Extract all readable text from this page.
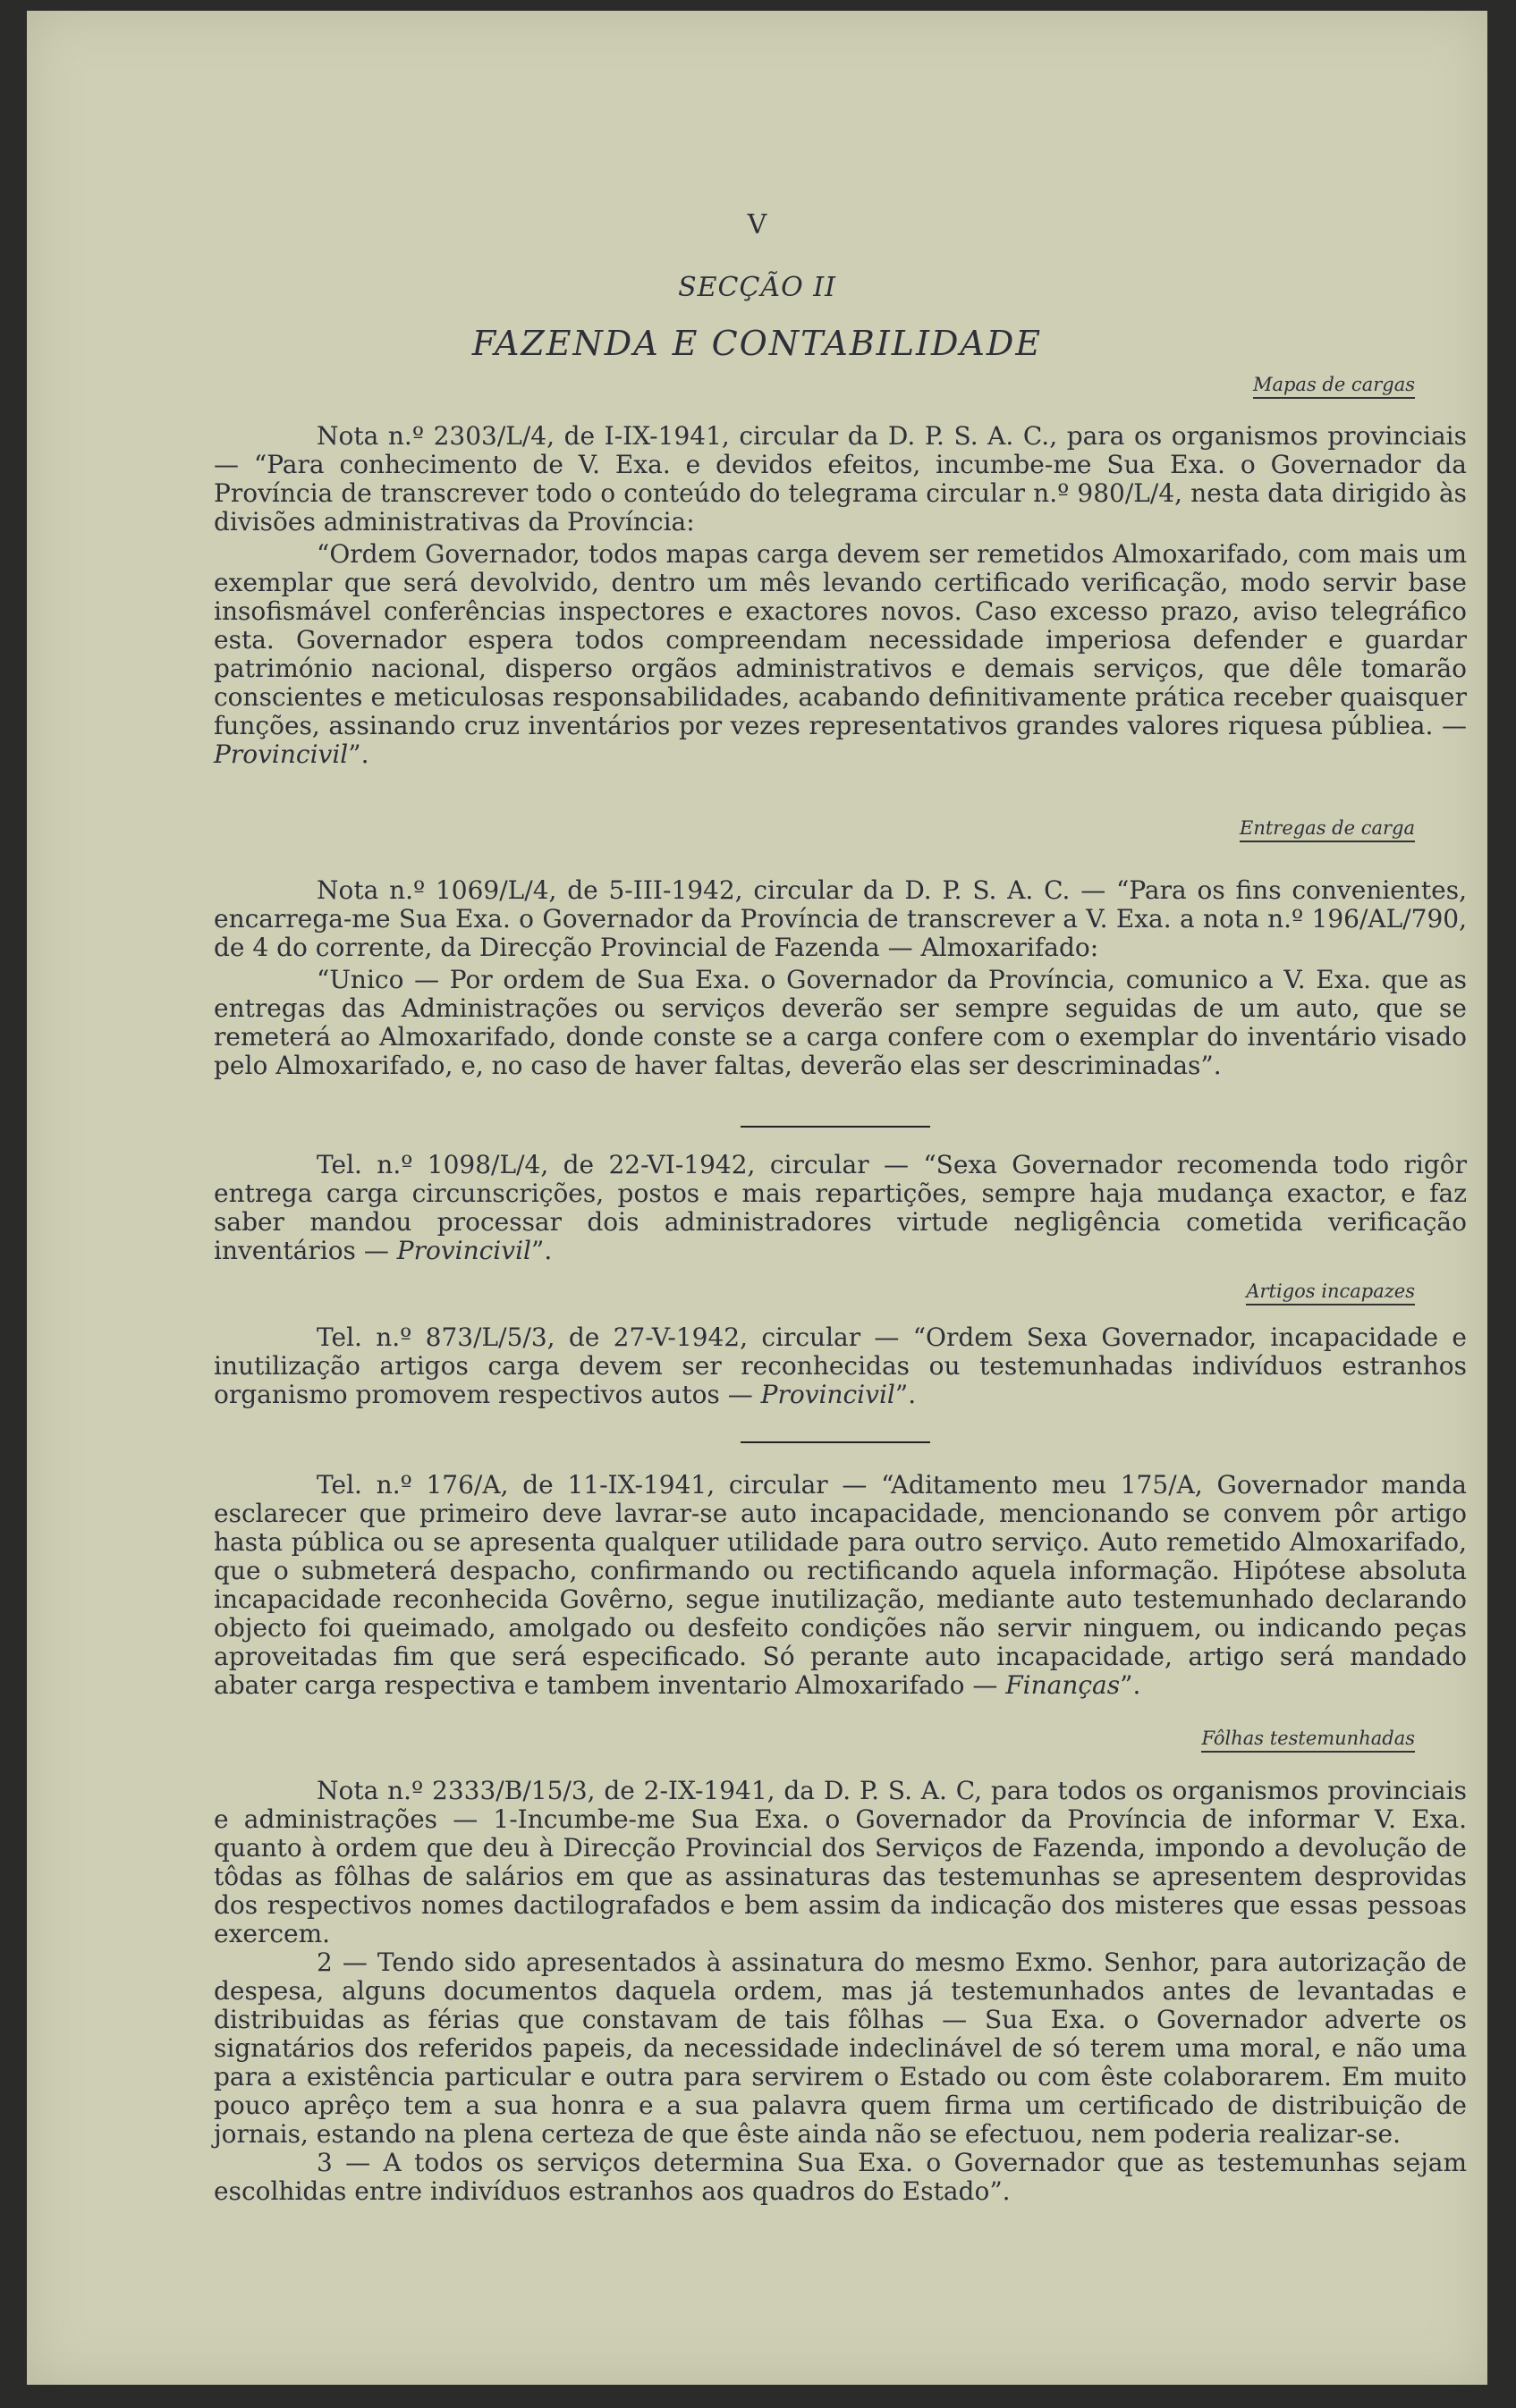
V
SECÇÃO II
FAZENDA E CONTABILIDADE
Mapas de cargas

Nota n.º 2303/L/4, de I-IX-1941, circular da D. P. S. A. C., para os organismos provinciais — “Para conhecimento de V. Exa. e devidos efeitos, incumbe-me Sua Exa. o Governador da Província de transcrever todo o conteúdo do telegrama circular n.º 980/L/4, nesta data dirigido às divisões administrativas da Província:

“Ordem Governador, todos mapas carga devem ser remetidos Almoxarifado, com mais um exemplar que será devolvido, dentro um mês levando certificado verificação, modo servir base insofismável conferências inspectores e exactores novos. Caso excesso prazo, aviso telegráfico esta. Governador espera todos compreendam necessidade imperiosa defender e guardar património nacional, disperso orgãos administrativos e demais serviços, que dêle tomarão conscientes e meticulosas responsabilidades, acabando definitivamente prática receber quaisquer funções, assinando cruz inventários por vezes representativos grandes valores riquesa públiea. — Provincivil”.

Entregas de carga

Nota n.º 1069/L/4, de 5-III-1942, circular da D. P. S. A. C. — “Para os fins convenientes, encarrega-me Sua Exa. o Governador da Província de transcrever a V. Exa. a nota n.º 196/AL/790, de 4 do corrente, da Direcção Provincial de Fazenda — Almoxarifado:

“Unico — Por ordem de Sua Exa. o Governador da Província, comunico a V. Exa. que as entregas das Administrações ou serviços deverão ser sempre seguidas de um auto, que se remeterá ao Almoxarifado, donde conste se a carga confere com o exemplar do inventário visado pelo Almoxarifado, e, no caso de haver faltas, deverão elas ser descriminadas”.

Tel. n.º 1098/L/4, de 22-VI-1942, circular — “Sexa Governador recomenda todo rigôr entrega carga circunscrições, postos e mais repartições, sempre haja mudança exactor, e faz saber mandou processar dois administradores virtude negligência cometida verificação inventários — Provincivil”.

Artigos incapazes

Tel. n.º 873/L/5/3, de 27-V-1942, circular — “Ordem Sexa Governador, incapacidade e inutilização artigos carga devem ser reconhecidas ou testemunhadas indivíduos estranhos organismo promovem respectivos autos — Provincivil”.

Tel. n.º 176/A, de 11-IX-1941, circular — “Aditamento meu 175/A, Governador manda esclarecer que primeiro deve lavrar-se auto incapacidade, mencionando se convem pôr artigo hasta pública ou se apresenta qualquer utilidade para outro serviço. Auto remetido Almoxarifado, que o submeterá despacho, confirmando ou rectificando aquela informação. Hipótese absoluta incapacidade reconhecida Govêrno, segue inutilização, mediante auto testemunhado declarando objecto foi queimado, amolgado ou desfeito condições não servir ninguem, ou indicando peças aproveitadas fim que será especificado. Só perante auto incapacidade, artigo será mandado abater carga respectiva e tambem inventario Almoxarifado — Finanças”.

Fôlhas testemunhadas

Nota n.º 2333/B/15/3, de 2-IX-1941, da D. P. S. A. C, para todos os organismos provinciais e administrações — 1-Incumbe-me Sua Exa. o Governador da Província de informar V. Exa. quanto à ordem que deu à Direcção Provincial dos Serviços de Fazenda, impondo a devolução de tôdas as fôlhas de salários em que as assinaturas das testemunhas se apresentem desprovidas dos respectivos nomes dactilografados e bem assim da indicação dos misteres que essas pessoas exercem.

2 — Tendo sido apresentados à assinatura do mesmo Exmo. Senhor, para autorização de despesa, alguns documentos daquela ordem, mas já testemunhados antes de levantadas e distribuidas as férias que constavam de tais fôlhas — Sua Exa. o Governador adverte os signatários dos referidos papeis, da necessidade indeclinável de só terem uma moral, e não uma para a existência particular e outra para servirem o Estado ou com êste colaborarem. Em muito pouco aprêço tem a sua honra e a sua palavra quem firma um certificado de distribuição de jornais, estando na plena certeza de que êste ainda não se efectuou, nem poderia realizar-se.

3 — A todos os serviços determina Sua Exa. o Governador que as testemunhas sejam escolhidas entre indivíduos estranhos aos quadros do Estado”.
